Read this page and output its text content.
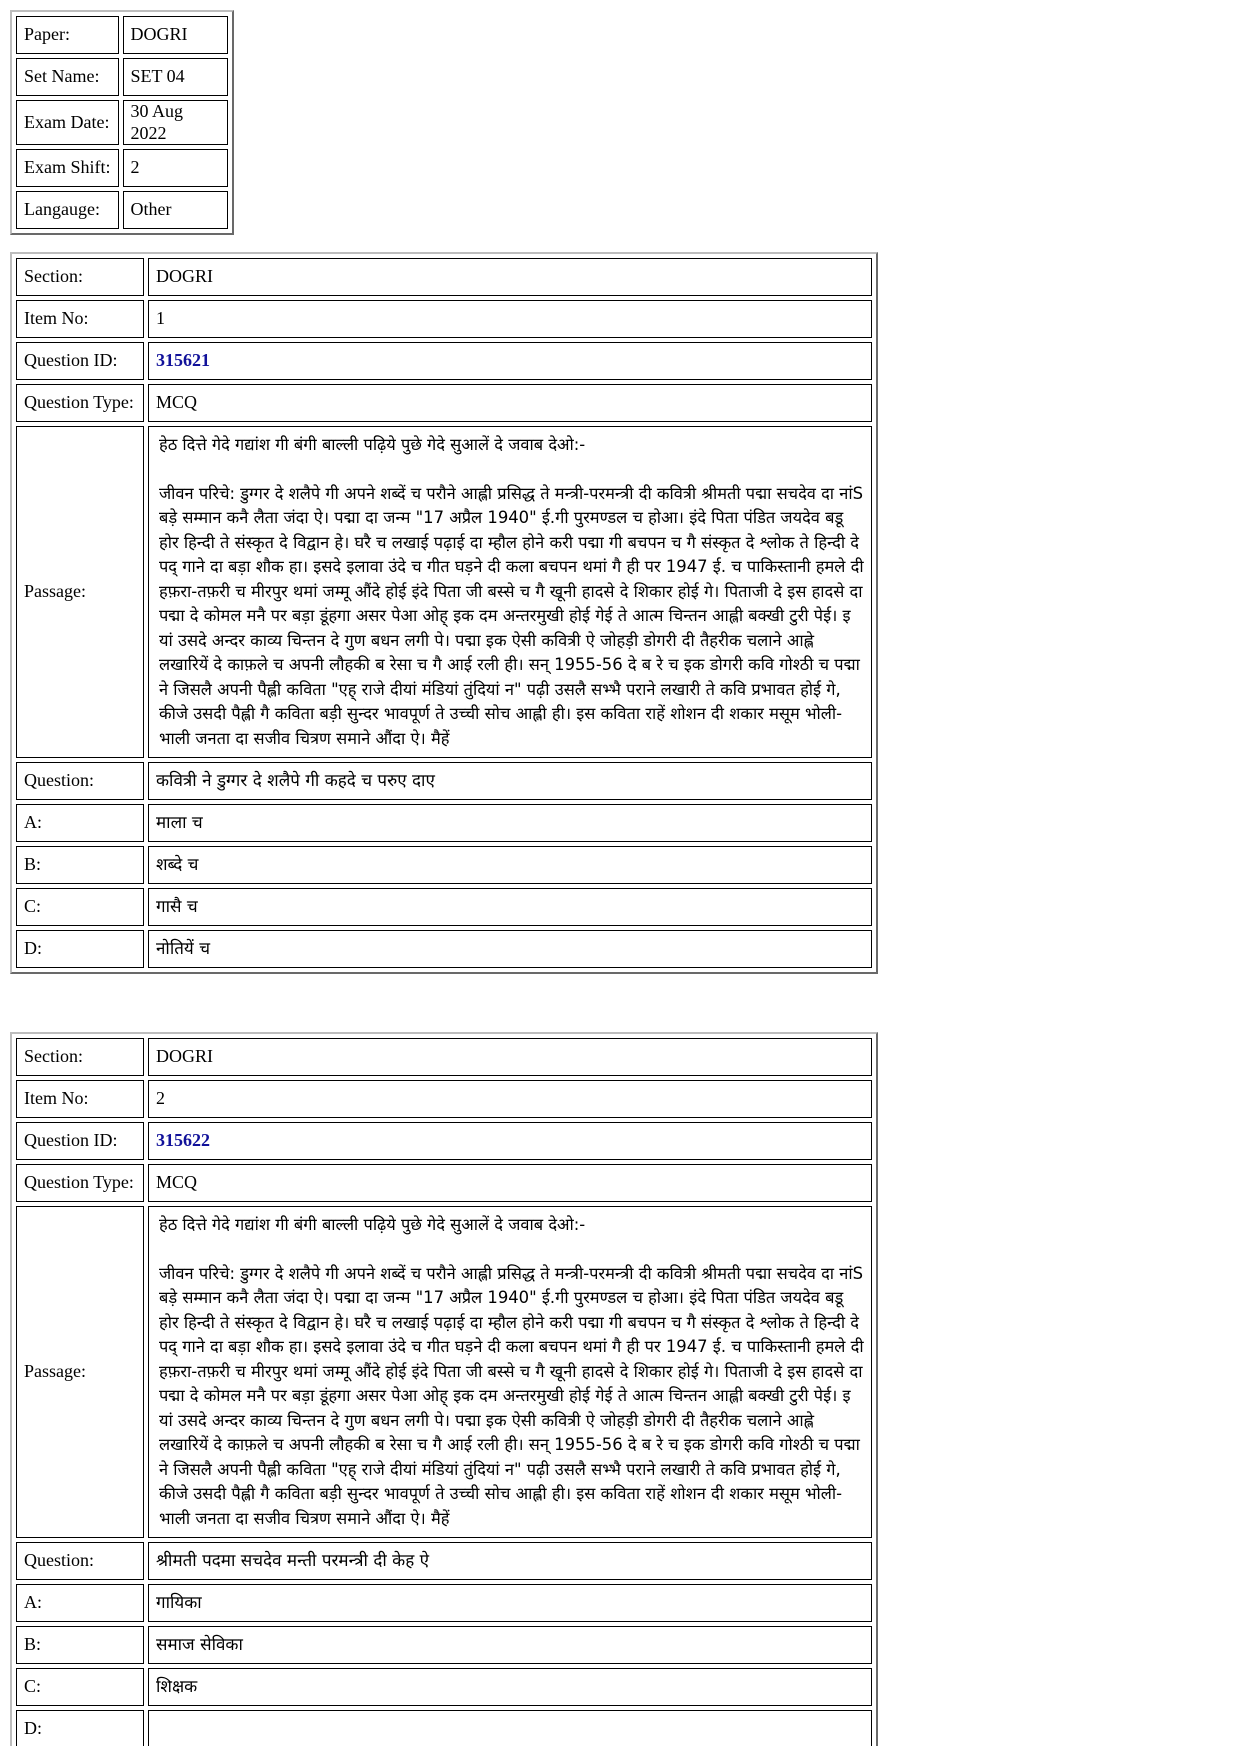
Paper:	DOGRI
Set Name:	SET 04
Exam Date:	30 Aug 2022
Exam Shift:	2
Langauge:	Other
Section:	DOGRI
Item No:	1
Question ID:	315621
Question Type:	MCQ
Passage:	हेठ दित्ते गेदे गद्यांश गी बंगी बाल्ली पढ़िये पुछे गेदे सुआलें दे जवाब देओ:-

जीवन परिचे: डुग्गर दे शलैपे गी अपने शब्दें च परौने आह्ली प्रसिद्ध ते मन्त्री-परमन्त्री दी कवित्री श्रीमती पद्मा सचदेव दा नांS बड़े सम्मान कनै लैता जंदा ऐ। पद्मा दा जन्म "17 अप्रैल 1940" ई.गी पुरमण्डल च होआ। इंदे पिता पंडित जयदेव बडू होर हिन्दी ते संस्कृत दे विद्वान हे। घरै च लखाई पढ़ाई दा म्हौल होने करी पद्मा गी बचपन च गै संस्कृत दे श्लोक ते हिन्दी दे पद् गाने दा बड़ा शौक हा। इसदे इलावा उंदे च गीत घड़ने दी कला बचपन थमां गै ही पर 1947 ई. च पाकिस्तानी हमले दी हफ़रा-तफ़री च मीरपुर थमां जम्मू औंदे होई इंदे पिता जी बस्से च गै खूनी हादसे दे शिकार होई गे। पिताजी दे इस हादसे दा पद्मा दे कोमल मनै पर बड़ा डूंहगा असर पेआ ओह् इक दम अन्तरमुखी होई गेई ते आत्म चिन्तन आह्ली बक्खी टुरी पेई। इ यां उसदे अन्दर काव्य चिन्तन दे गुण बधन लगी पे। पद्मा इक ऐसी कवित्री ऐ जोहड़ी डोगरी दी तैहरीक चलाने आह्ले लखारियें दे काफ़ले च अपनी लौहकी ब रेसा च गै आई रली ही। सन् 1955-56 दे ब रे च इक डोगरी कवि गोश्ठी च पद्मा ने जिसलै अपनी पैह्ली कविता "एह् राजे दीयां मंडियां तुंदियां न" पढ़ी उसलै सभ्भै पराने लखारी ते कवि प्रभावत होई गे, कीजे उसदी पैह्ली गै कविता बड़ी सुन्दर भावपूर्ण ते उच्ची सोच आह्ली ही। इस कविता राहें शोशन दी शकार मसूम भोली-भाली जनता दा सजीव चित्रण समाने औंदा ऐ। मैहें

Question:	कवित्री ने डुग्गर दे शलैपे गी कहदे च परुए दाए
A:	माला च
B:	शब्दे च
C:	गासै च
D:	नोतियें च
Section:	DOGRI
Item No:	2
Question ID:	315622
Question Type:	MCQ
Passage:	हेठ दित्ते गेदे गद्यांश गी बंगी बाल्ली पढ़िये पुछे गेदे सुआलें दे जवाब देओ:-

जीवन परिचे: डुग्गर दे शलैपे गी अपने शब्दें च परौने आह्ली प्रसिद्ध ते मन्त्री-परमन्त्री दी कवित्री श्रीमती पद्मा सचदेव दा नांS बड़े सम्मान कनै लैता जंदा ऐ। पद्मा दा जन्म "17 अप्रैल 1940" ई.गी पुरमण्डल च होआ। इंदे पिता पंडित जयदेव बडू होर हिन्दी ते संस्कृत दे विद्वान हे। घरै च लखाई पढ़ाई दा म्हौल होने करी पद्मा गी बचपन च गै संस्कृत दे श्लोक ते हिन्दी दे पद् गाने दा बड़ा शौक हा। इसदे इलावा उंदे च गीत घड़ने दी कला बचपन थमां गै ही पर 1947 ई. च पाकिस्तानी हमले दी हफ़रा-तफ़री च मीरपुर थमां जम्मू औंदे होई इंदे पिता जी बस्से च गै खूनी हादसे दे शिकार होई गे। पिताजी दे इस हादसे दा पद्मा दे कोमल मनै पर बड़ा डूंहगा असर पेआ ओह् इक दम अन्तरमुखी होई गेई ते आत्म चिन्तन आह्ली बक्खी टुरी पेई। इ यां उसदे अन्दर काव्य चिन्तन दे गुण बधन लगी पे। पद्मा इक ऐसी कवित्री ऐ जोहड़ी डोगरी दी तैहरीक चलाने आह्ले लखारियें दे काफ़ले च अपनी लौहकी ब रेसा च गै आई रली ही। सन् 1955-56 दे ब रे च इक डोगरी कवि गोश्ठी च पद्मा ने जिसलै अपनी पैह्ली कविता "एह् राजे दीयां मंडियां तुंदियां न" पढ़ी उसलै सभ्भै पराने लखारी ते कवि प्रभावत होई गे, कीजे उसदी पैह्ली गै कविता बड़ी सुन्दर भावपूर्ण ते उच्ची सोच आह्ली ही। इस कविता राहें शोशन दी शकार मसूम भोली-भाली जनता दा सजीव चित्रण समाने औंदा ऐ। मैहें

Question:	श्रीमती पदमा सचदेव मन्ती परमन्त्री दी केह ऐ
A:	गायिका
B:	समाज सेविका
C:	शिक्षक
D:	
